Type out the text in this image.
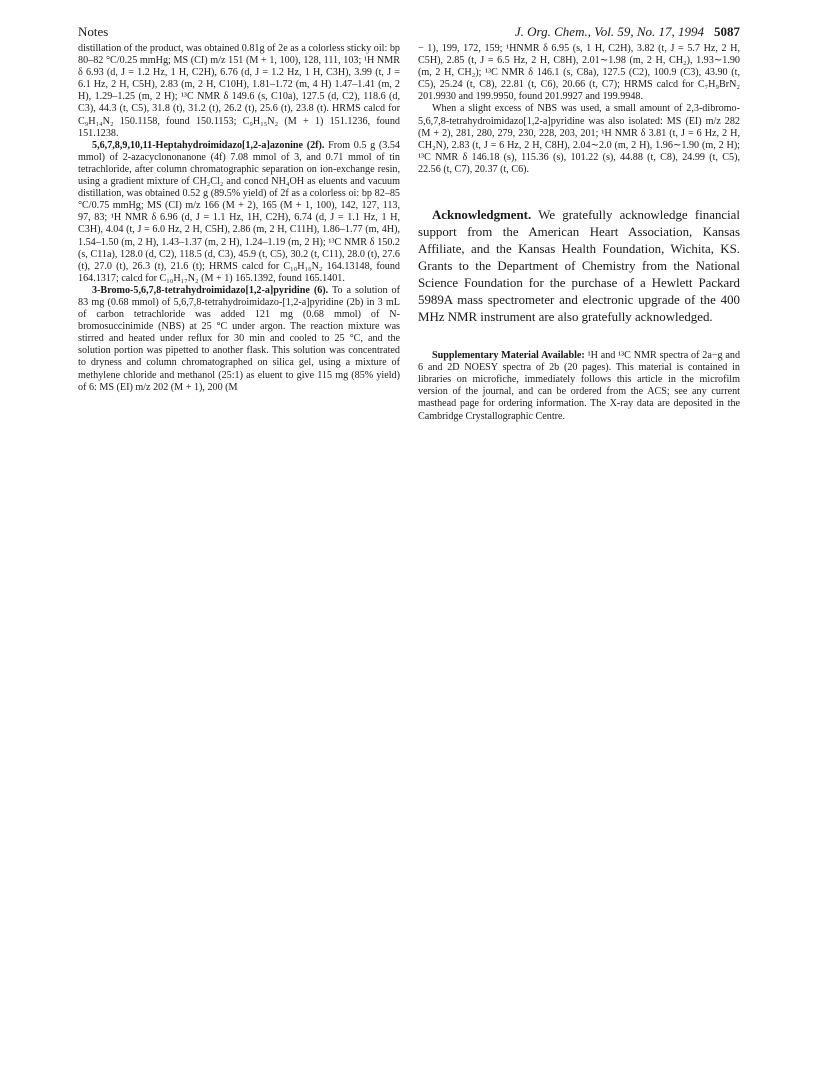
Notes	J. Org. Chem., Vol. 59, No. 17, 1994 5087

distillation of the product, was obtained 0.81g of 2e as a colorless sticky oil: bp 80–82 °C/0.25 mmHg; MS (CI) m/z 151 (M + 1, 100), 128, 111, 103; ¹H NMR δ 6.93 (d, J = 1.2 Hz, 1 H, C2H), 6.76 (d, J = 1.2 Hz, 1 H, C3H), 3.99 (t, J = 6.1 Hz, 2 H, C5H), 2.83 (m, 2 H, C10H), 1.81–1.72 (m, 4 H) 1.47–1.41 (m, 2 H), 1.29–1.25 (m, 2 H); ¹³C NMR δ 149.6 (s, C10a), 127.5 (d, C2), 118.6 (d, C3), 44.3 (t, C5), 31.8 (t), 31.2 (t), 26.2 (t), 25.6 (t), 23.8 (t). HRMS calcd for C₉H₁₄N₂ 150.1158, found 150.1153; C₉H₁₅N₂ (M + 1) 151.1236, found 151.1238.

5,6,7,8,9,10,11-Heptahydroimidazo[1,2-a]azonine (2f). From 0.5 g (3.54 mmol) of 2-azacyclononanone (4f) 7.08 mmol of 3, and 0.71 mmol of tin tetrachloride, after column chromatographic separation on ion-exchange resin, using a gradient mixture of CH₂Cl₂ and concd NH₄OH as eluents and vacuum distillation, was obtained 0.52 g (89.5% yield) of 2f as a colorless oi: bp 82–85 °C/0.75 mmHg; MS (CI) m/z 166 (M + 2), 165 (M + 1, 100), 142, 127, 113, 97, 83; ¹H NMR δ 6.96 (d, J = 1.1 Hz, 1H, C2H), 6.74 (d, J = 1.1 Hz, 1 H, C3H), 4.04 (t, J = 6.0 Hz, 2 H, C5H), 2.86 (m, 2 H, C11H), 1.86–1.77 (m, 4H), 1.54–1.50 (m, 2 H), 1.43–1.37 (m, 2 H), 1.24–1.19 (m, 2 H); ¹³C NMR δ 150.2 (s, C11a), 128.0 (d, C2), 118.5 (d, C3), 45.9 (t, C5), 30.2 (t, C11), 28.0 (t), 27.6 (t), 27.0 (t), 26.3 (t), 21.6 (t); HRMS calcd for C₁₀H₁₆N₂ 164.13148, found 164.1317; calcd for C₁₀H₁₇N₂ (M + 1) 165.1392, found 165.1401.

3-Bromo-5,6,7,8-tetrahydroimidazo[1,2-a]pyridine (6). To a solution of 83 mg (0.68 mmol) of 5,6,7,8-tetrahydroimidazo-[1,2-a]pyridine (2b) in 3 mL of carbon tetrachloride was added 121 mg (0.68 mmol) of N-bromosuccinimide (NBS) at 25 °C under argon. The reaction mixture was stirred and heated under reflux for 30 min and cooled to 25 °C, and the solution portion was pipetted to another flask. This solution was concentrated to dryness and column chromatographed on silica gel, using a mixture of methylene chloride and methanol (25:1) as eluent to give 115 mg (85% yield) of 6: MS (EI) m/z 202 (M + 1), 200 (M

− 1), 199, 172, 159; ¹HNMR δ 6.95 (s, 1 H, C2H), 3.82 (t, J = 5.7 Hz, 2 H, C5H), 2.85 (t, J = 6.5 Hz, 2 H, C8H), 2.01∼1.98 (m, 2 H, CH₂), 1.93∼1.90 (m, 2 H, CH₂); ¹³C NMR δ 146.1 (s, C8a), 127.5 (C2), 100.9 (C3), 43.90 (t, C5), 25.24 (t, C8), 22.81 (t, C6), 20.66 (t, C7); HRMS calcd for C₇H₉BrN₂ 201.9930 and 199.9950, found 201.9927 and 199.9948.

When a slight excess of NBS was used, a small amount of 2,3-dibromo-5,6,7,8-tetrahydroimidazo[1,2-a]pyridine was also isolated: MS (EI) m/z 282 (M + 2), 281, 280, 279, 230, 228, 203, 201; ¹H NMR δ 3.81 (t, J = 6 Hz, 2 H, CH₂N), 2.83 (t, J = 6 Hz, 2 H, C8H), 2.04∼2.0 (m, 2 H), 1.96∼1.90 (m, 2 H); ¹³C NMR δ 146.18 (s), 115.36 (s), 101.22 (s), 44.88 (t, C8), 24.99 (t, C5), 22.56 (t, C7), 20.37 (t, C6).

Acknowledgment. We gratefully acknowledge financial support from the American Heart Association, Kansas Affiliate, and the Kansas Health Foundation, Wichita, KS. Grants to the Department of Chemistry from the National Science Foundation for the purchase of a Hewlett Packard 5989A mass spectrometer and electronic upgrade of the 400 MHz NMR instrument are also gratefully acknowledged.

Supplementary Material Available: ¹H and ¹³C NMR spectra of 2a−g and 6 and 2D NOESY spectra of 2b (20 pages). This material is contained in libraries on microfiche, immediately follows this article in the microfilm version of the journal, and can be ordered from the ACS; see any current masthead page for ordering information. The X-ray data are deposited in the Cambridge Crystallographic Centre.
